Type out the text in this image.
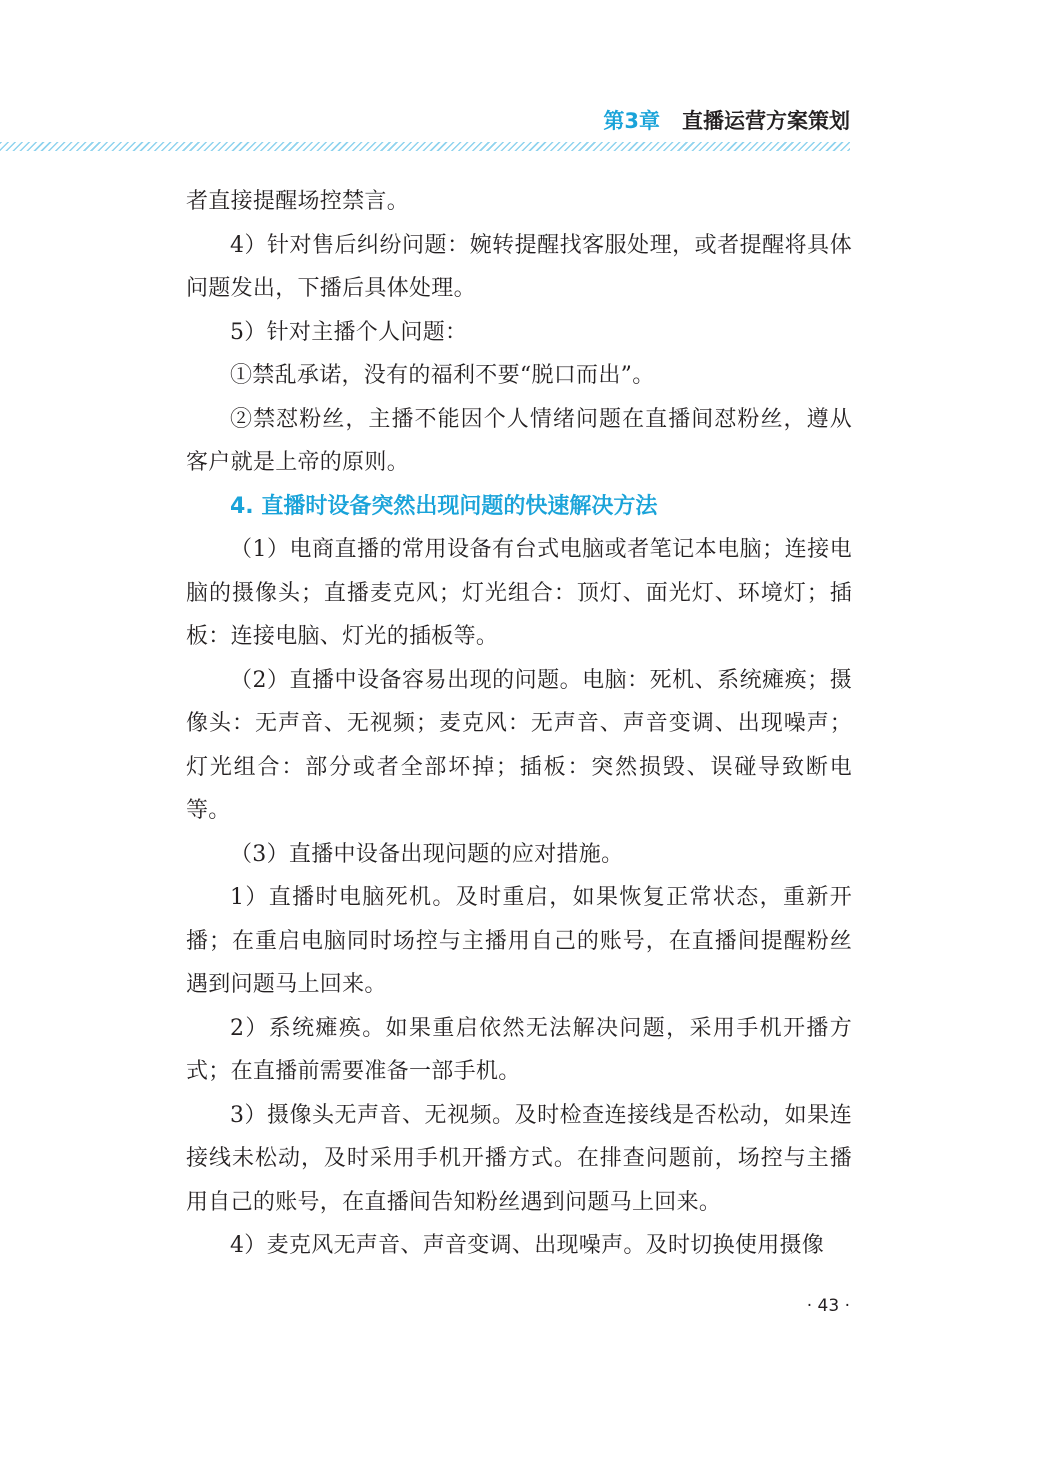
第3章 直播运营方案策划

者直接提醒场控禁言。

4）针对售后纠纷问题：婉转提醒找客服处理，或者提醒将具体问题发出，下播后具体处理。

5）针对主播个人问题：

①禁乱承诺，没有的福利不要“脱口而出”。

②禁怼粉丝，主播不能因个人情绪问题在直播间怼粉丝，遵从客户就是上帝的原则。

4. 直播时设备突然出现问题的快速解决方法

（1）电商直播的常用设备有台式电脑或者笔记本电脑；连接电脑的摄像头；直播麦克风；灯光组合：顶灯、面光灯、环境灯；插板：连接电脑、灯光的插板等。

（2）直播中设备容易出现的问题。电脑：死机、系统瘫痪；摄像头：无声音、无视频；麦克风：无声音、声音变调、出现噪声；灯光组合：部分或者全部坏掉；插板：突然损毁、误碰导致断电等。

（3）直播中设备出现问题的应对措施。

1）直播时电脑死机。及时重启，如果恢复正常状态，重新开播；在重启电脑同时场控与主播用自己的账号，在直播间提醒粉丝遇到问题马上回来。

2）系统瘫痪。如果重启依然无法解决问题，采用手机开播方式；在直播前需要准备一部手机。

3）摄像头无声音、无视频。及时检查连接线是否松动，如果连接线未松动，及时采用手机开播方式。在排查问题前，场控与主播用自己的账号，在直播间告知粉丝遇到问题马上回来。

4）麦克风无声音、声音变调、出现噪声。及时切换使用摄像

· 43 ·
